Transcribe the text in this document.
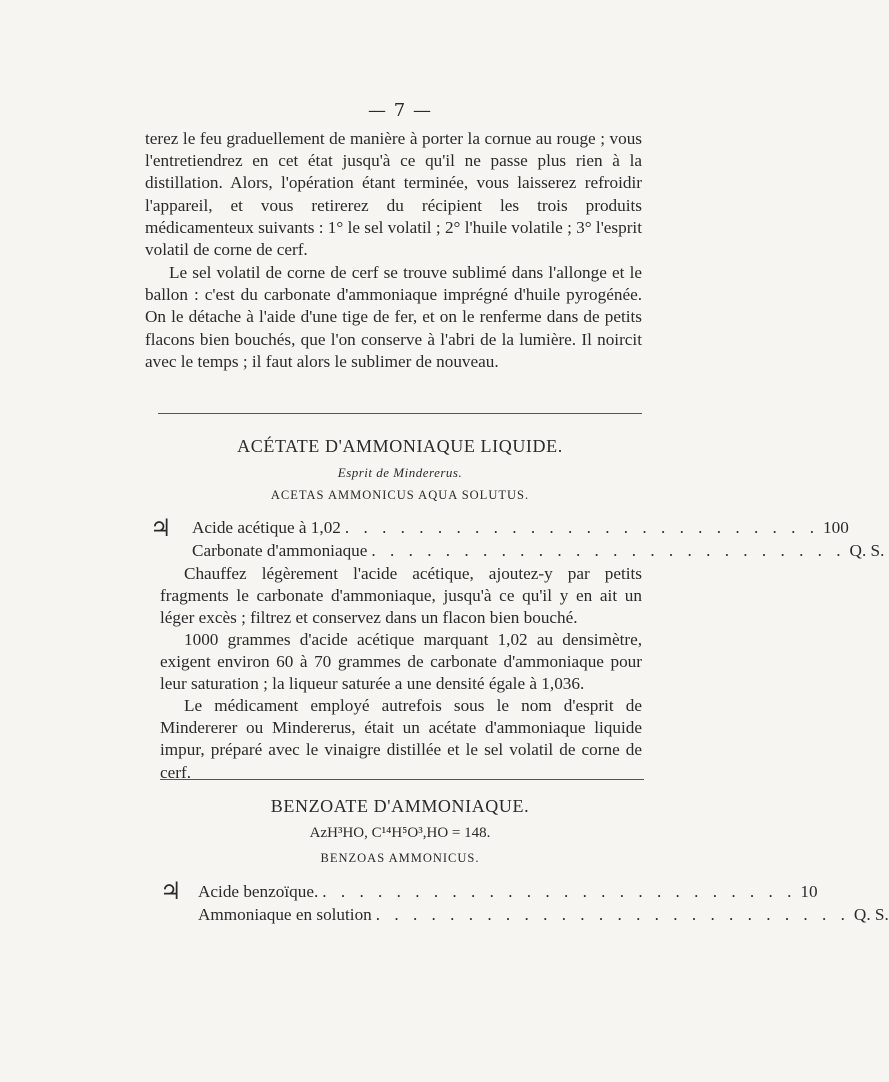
— 7 —

terez le feu graduellement de manière à porter la cornue au rouge ; vous l'entretiendrez en cet état jusqu'à ce qu'il ne passe plus rien à la distillation. Alors, l'opération étant terminée, vous laisserez refroidir l'appareil, et vous retirerez du récipient les trois produits médicamenteux suivants : 1° le sel volatil ; 2° l'huile volatile ; 3° l'esprit volatil de corne de cerf.

Le sel volatil de corne de cerf se trouve sublimé dans l'allonge et le ballon : c'est du carbonate d'ammoniaque imprégné d'huile pyrogénée. On le détache à l'aide d'une tige de fer, et on le renferme dans de petits flacons bien bouchés, que l'on conserve à l'abri de la lumière. Il noircit avec le temps ; il faut alors le sublimer de nouveau.

ACÉTATE D'AMMONIAQUE LIQUIDE.
Esprit de Mindererus.
ACETAS AMMONICUS AQUA SOLUTUS.
♃ Acide acétique à 1,02 . . . . . . . . . . . . . . . . . . . . . . . . . . 100
Carbonate d'ammoniaque . . . . . . . . . . . . . . . . . . . . . . . . . . Q. S.

Chauffez légèrement l'acide acétique, ajoutez-y par petits fragments le carbonate d'ammoniaque, jusqu'à ce qu'il y en ait un léger excès ; filtrez et conservez dans un flacon bien bouché.

1000 grammes d'acide acétique marquant 1,02 au densimètre, exigent environ 60 à 70 grammes de carbonate d'ammoniaque pour leur saturation ; la liqueur saturée a une densité égale à 1,036.

Le médicament employé autrefois sous le nom d'esprit de Mindererer ou Mindererus, était un acétate d'ammoniaque liquide impur, préparé avec le vinaigre distillée et le sel volatil de corne de cerf.

BENZOATE D'AMMONIAQUE.
AzH³HO, C¹⁴H⁵O³,HO = 148.
BENZOAS AMMONICUS.
♃ Acide benzoïque. . . . . . . . . . . . . . . . . . . . . . . . . . . 10
Ammoniaque en solution . . . . . . . . . . . . . . . . . . . . . . . . . . Q. S.
